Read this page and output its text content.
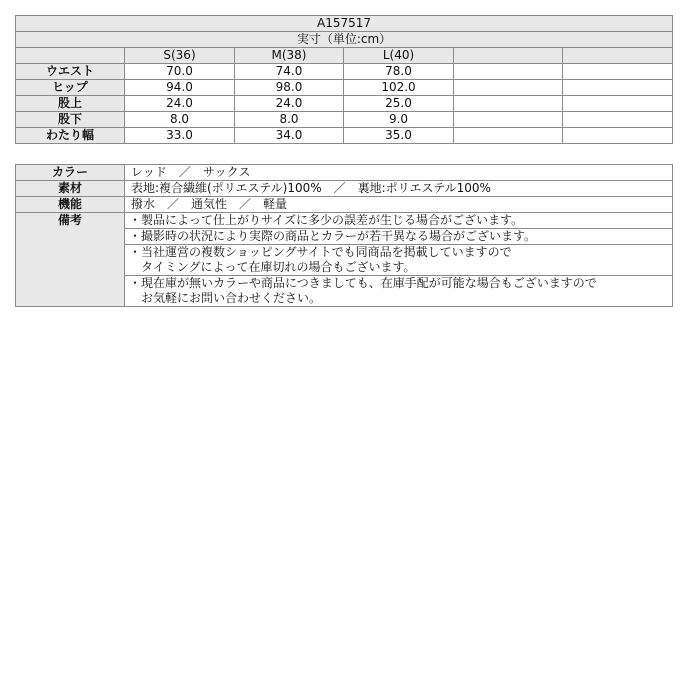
A157517					
実寸（単位:cm）					
	S(36)	M(38)	L(40)		
ウエスト	70.0	74.0	78.0		
ヒップ	94.0	98.0	102.0		
股上	24.0	24.0	25.0		
股下	8.0	8.0	9.0		
わたり幅	33.0	34.0	35.0		
カラー	レッド　／　サックス
素材	表地:複合繊維(ポリエステル)100%　／　裏地:ポリエステル100%
機能	撥水　／　通気性　／　軽量
備考	・製品によって仕上がりサイズに多少の誤差が生じる場合がございます。

	・撮影時の状況により実際の商品とカラーが若干異なる場合がございます。

	・当社運営の複数ショッピングサイトでも同商品を掲載していますので
　タイミングによって在庫切れの場合もございます。

	・現在庫が無いカラーや商品につきましても、在庫手配が可能な場合もございますので
　お気軽にお問い合わせください。
